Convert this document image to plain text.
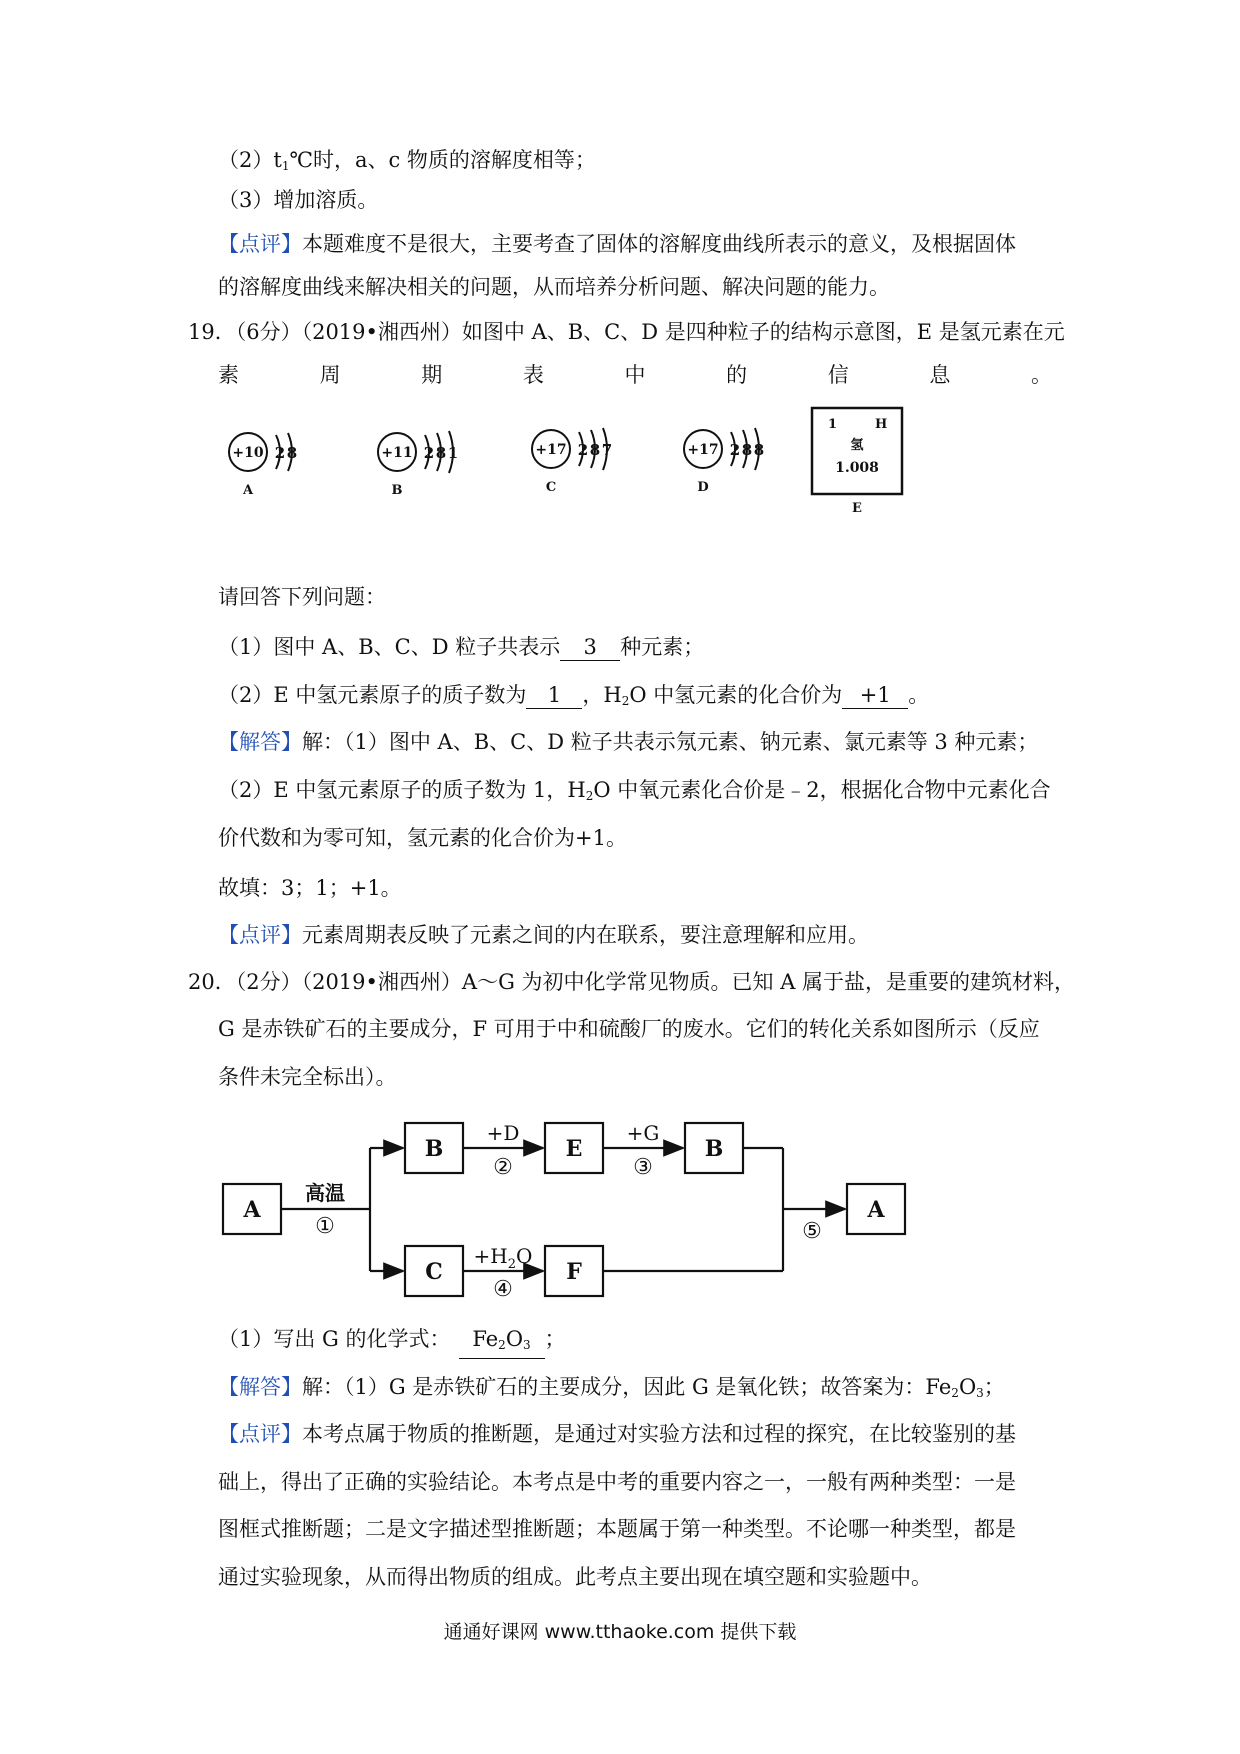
$(2)t_1℃$时，a、c 物质的溶解度相等；
（3）增加溶质。
【点评】本题难度不是很大，主要考查了固体的溶解度曲线所表示的意义，及根据固体
的溶解度曲线来解决相关的问题，从而培养分析问题、解决问题的能力。
19．（6分）（2019•湘西州）如图中 A、B、C、D 是四种粒子的结构示意图，E 是氢元素在元
素	周	期	表	中	的	信	息	。
+10 2 8
A
+11 2 8 1
B
+17 2 8 7
C
+17 2 8 8
D
1	H
氢
1.008
E
请回答下列问题：
（1）图中 A、B、C、D 粒子共表示 3 种元素；
（2）E 中氢元素原子的质子数为 1 ，$H_2O$ 中氢元素的化合价为 +1 。
【解答】解：（1）图中 A、B、C、D 粒子共表示氖元素、钠元素、氯元素等 3 种元素；
（2）E 中氢元素原子的质子数为 1，$H_2O$ 中氧元素化合价是﹣2，根据化合物中元素化合
价代数和为零可知，氢元素的化合价为+1。
故填：3；1；+1。
【点评】元素周期表反映了元素之间的内在联系，要注意理解和应用。
20．（2分）（2019•湘西州）A～G 为初中化学常见物质。已知 A 属于盐，是重要的建筑材料，
G 是赤铁矿石的主要成分，F 可用于中和硫酸厂的废水。它们的转化关系如图所示（反应
条件未完全标出）。
A
B	E	B
C	F
A
高温
①
+D
②
+G
③
$+H_2O$
④
⑤
（1）写出 G 的化学式： $Fe_2O_3$ ；
【解答】解：（1）G 是赤铁矿石的主要成分，因此 G 是氧化铁；故答案为：$Fe_2O_3$；
【点评】本考点属于物质的推断题，是通过对实验方法和过程的探究，在比较鉴别的基
础上，得出了正确的实验结论。本考点是中考的重要内容之一，一般有两种类型：一是
图框式推断题；二是文字描述型推断题；本题属于第一种类型。不论哪一种类型，都是
通过实验现象，从而得出物质的组成。此考点主要出现在填空题和实验题中。
通通好课网 www.tthaoke.com 提供下载
